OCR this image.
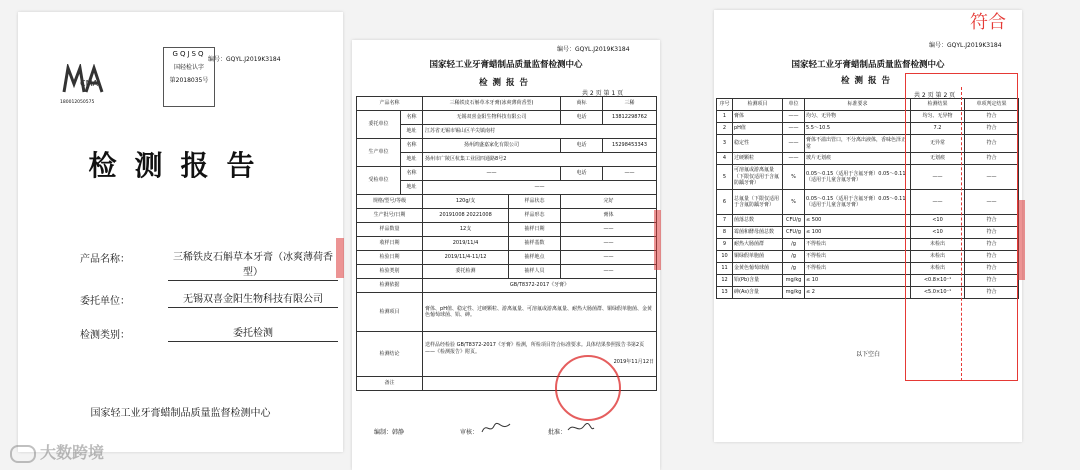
编号：GQYL.J2019K3184
GQJSQ
国轻检认字
第2018035号
CMA
180012050575
检测报告
产品名称：	三稀铁皮石斛草本牙膏（冰爽薄荷香型）
委托单位：	无锡双喜金阳生物科技有限公司
检测类别：	委托检测
国家轻工业牙膏蜡制品质量监督检测中心
编号：GQYL.J2019K3184
国家轻工业牙膏蜡制品质量监督检测中心
检测报告
共 2 页 第 1 页
产品名称		三稀铁皮石斛草本牙膏(冰爽薄荷香型)		商标	三稀
委托单位	名称	无锡双喜金阳生物科技有限公司		电话	13812298762
	地址	江苏省无锡市锡山区羊尖镇南村			
生产单位	名称	扬州鸿盛嘉家化有限公司		电话	15298453343
	地址	扬州市广陵区杭集工业园四通路8号2			
受检单位	名称	——		电话	——
	地址	——			
规格/型号/等级		120g/支	样品状态	完好	
生产批号/日期		20191008 20221008	样品形态	膏体	
样品数量		12支	抽样日期	——	
收样日期		2019/11/4	抽样基数	——	
检验日期		2019/11/4-11/12	抽样地点	——	
检验类别		委托检测	抽样人员	——	
检测依据		GB/T8372-2017《牙膏》			
检测项目		膏体、pH值、稳定性、过硬颗粒、游离氟量、可溶氟或游离氟量、耐热大肠菌群、铜绿假单胞菌、金黄色葡萄球菌、铅、砷。			
检测结论		送样品经检验 GB/T8372-2017《牙膏》检测，所检项目符合标准要求。具体结果参照报告书第2页——《检测报告》附页。
2019年11月12日			

备注					
编制：韩静	审核：	批准：
编号：GQYL.J2019K3184
国家轻工业牙膏蜡制品质量监督检测中心
检测报告
共 2 页 第 2 页
序号	检测项目	单位	标准要求	检测结果	单项判定结果
1	膏体	——	均匀、无异物	均匀、无异物	符合
2	pH值	——	5.5～10.5	7.2	符合
3	稳定性	——	膏体不溢出管口，不分离出液体，香味色泽正常	无异常	符合
4	过硬颗粒	——	玻片无划痕	无划痕	符合
5	可溶氟或游离氟量（下限仅适用于含氟防龋牙膏）	%	0.05～0.15（适用于含氟牙膏）0.05～0.11（适用于儿童含氟牙膏）	——	——
6	总氟量（下限仅适用于含氟防龋牙膏）	%	0.05～0.15（适用于含氟牙膏）0.05～0.11（适用于儿童含氟牙膏）	——	——
7	菌落总数	CFU/g	≤ 500	<10	符合
8	霉菌和酵母菌总数	CFU/g	≤ 100	<10	符合
9	耐热大肠菌群	/g	不得检出	未检出	符合
10	铜绿假单胞菌	/g	不得检出	未检出	符合
11	金黄色葡萄球菌	/g	不得检出	未检出	符合
12	铅(Pb)含量	mg/kg	≤ 10	<0.8×10⁻¹	符合
13	砷(As)含量	mg/kg	≤ 2	<5.0×10⁻¹	符合
以下空白
符合
大数跨境
